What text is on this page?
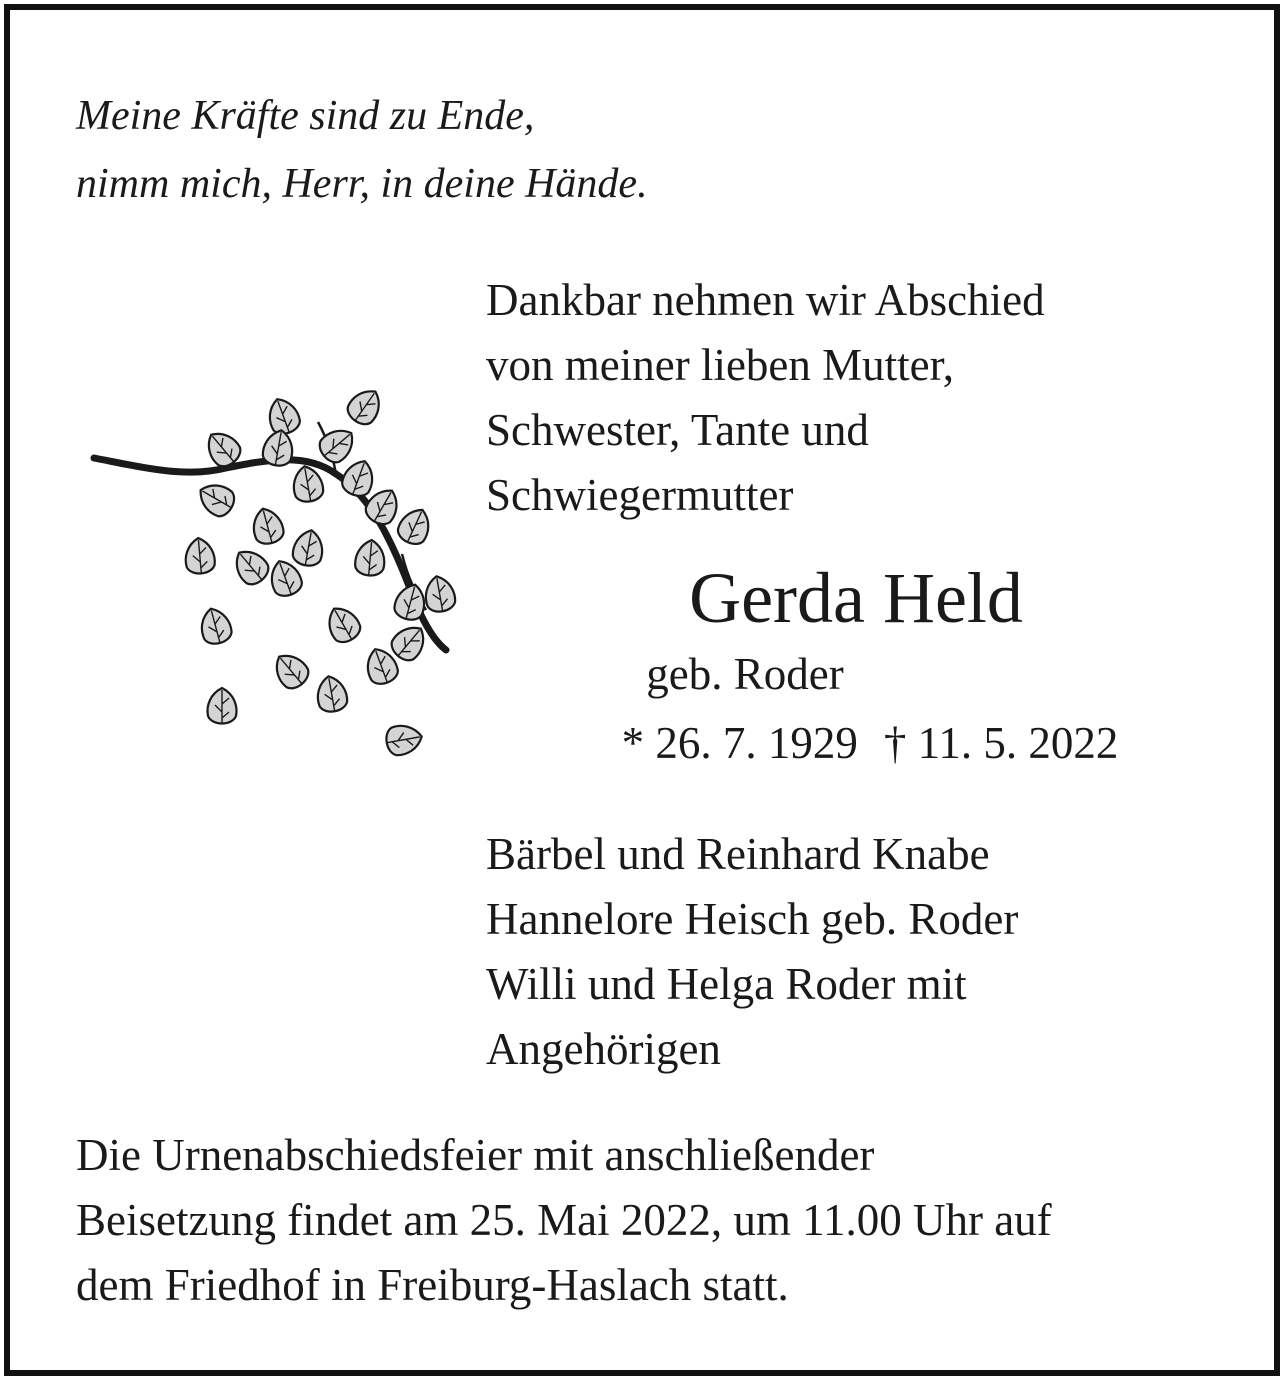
Meine Kräfte sind zu Ende,
nimm mich, Herr, in deine Hände.
Dankbar nehmen wir Abschied
von meiner lieben Mutter,
Schwester, Tante und
Schwiegermutter
Gerda Held
geb. Roder
* 26. 7. 1929 † 11. 5. 2022
Bärbel und Reinhard Knabe
Hannelore Heisch geb. Roder
Willi und Helga Roder mit
Angehörigen
Die Urnenabschiedsfeier mit anschließender
Beisetzung findet am 25. Mai 2022, um 11.00 Uhr auf
dem Friedhof in Freiburg-Haslach statt.
